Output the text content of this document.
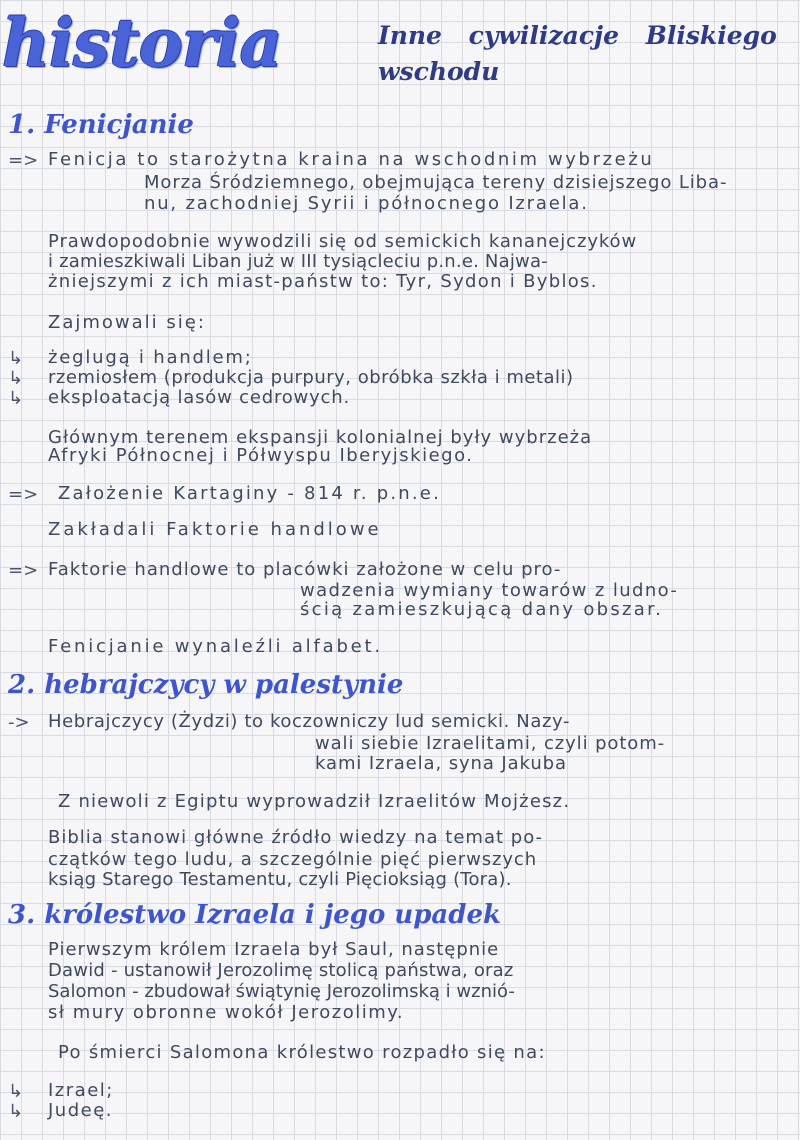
historia	Inne cywilizacje Bliskiego wschodu
1. Fenicjanie
=> Fenicja to starożytna kraina na wschodnim wybrzeżu
Morza Śródziemnego, obejmująca tereny dzisiejszego Liba-
nu, zachodniej Syrii i północnego Izraela.
Prawdopodobnie wywodzili się od semickich kananejczyków
i zamieszkiwali Liban już w III tysiącleciu p.n.e. Najwa-
żniejszymi z ich miast-państw to: Tyr, Sydon i Byblos.
Zajmowali się:
↳ żeglugą i handlem;
↳ rzemiosłem (produkcja purpury, obróbka szkła i metali)
↳ eksploatacją lasów cedrowych.
Głównym terenem ekspansji kolonialnej były wybrzeża
Afryki Północnej i Półwyspu Iberyjskiego.
=> Założenie Kartaginy - 814 r. p.n.e.
Zakładali Faktorie handlowe
=> Faktorie handlowe to placówki założone w celu pro-
wadzenia wymiany towarów z ludno-
ścią zamieszkującą dany obszar.
Fenicjanie wynaleźli alfabet.
2. hebrajczycy w palestynie
-> Hebrajczycy (Żydzi) to koczowniczy lud semicki. Nazy-
wali siebie Izraelitami, czyli potom-
kami Izraela, syna Jakuba
Z niewoli z Egiptu wyprowadził Izraelitów Mojżesz.
Biblia stanowi główne źródło wiedzy na temat po-
czątków tego ludu, a szczególnie pięć pierwszych
ksiąg Starego Testamentu, czyli Pięcioksiąg (Tora).
3. królestwo Izraela i jego upadek
Pierwszym królem Izraela był Saul, następnie
Dawid - ustanowił Jerozolimę stolicą państwa, oraz
Salomon - zbudował świątynię Jerozolimską i wznió-
sł mury obronne wokół Jerozolimy.
Po śmierci Salomona królestwo rozpadło się na:
↳ Izrael;
↳ Judeę.
